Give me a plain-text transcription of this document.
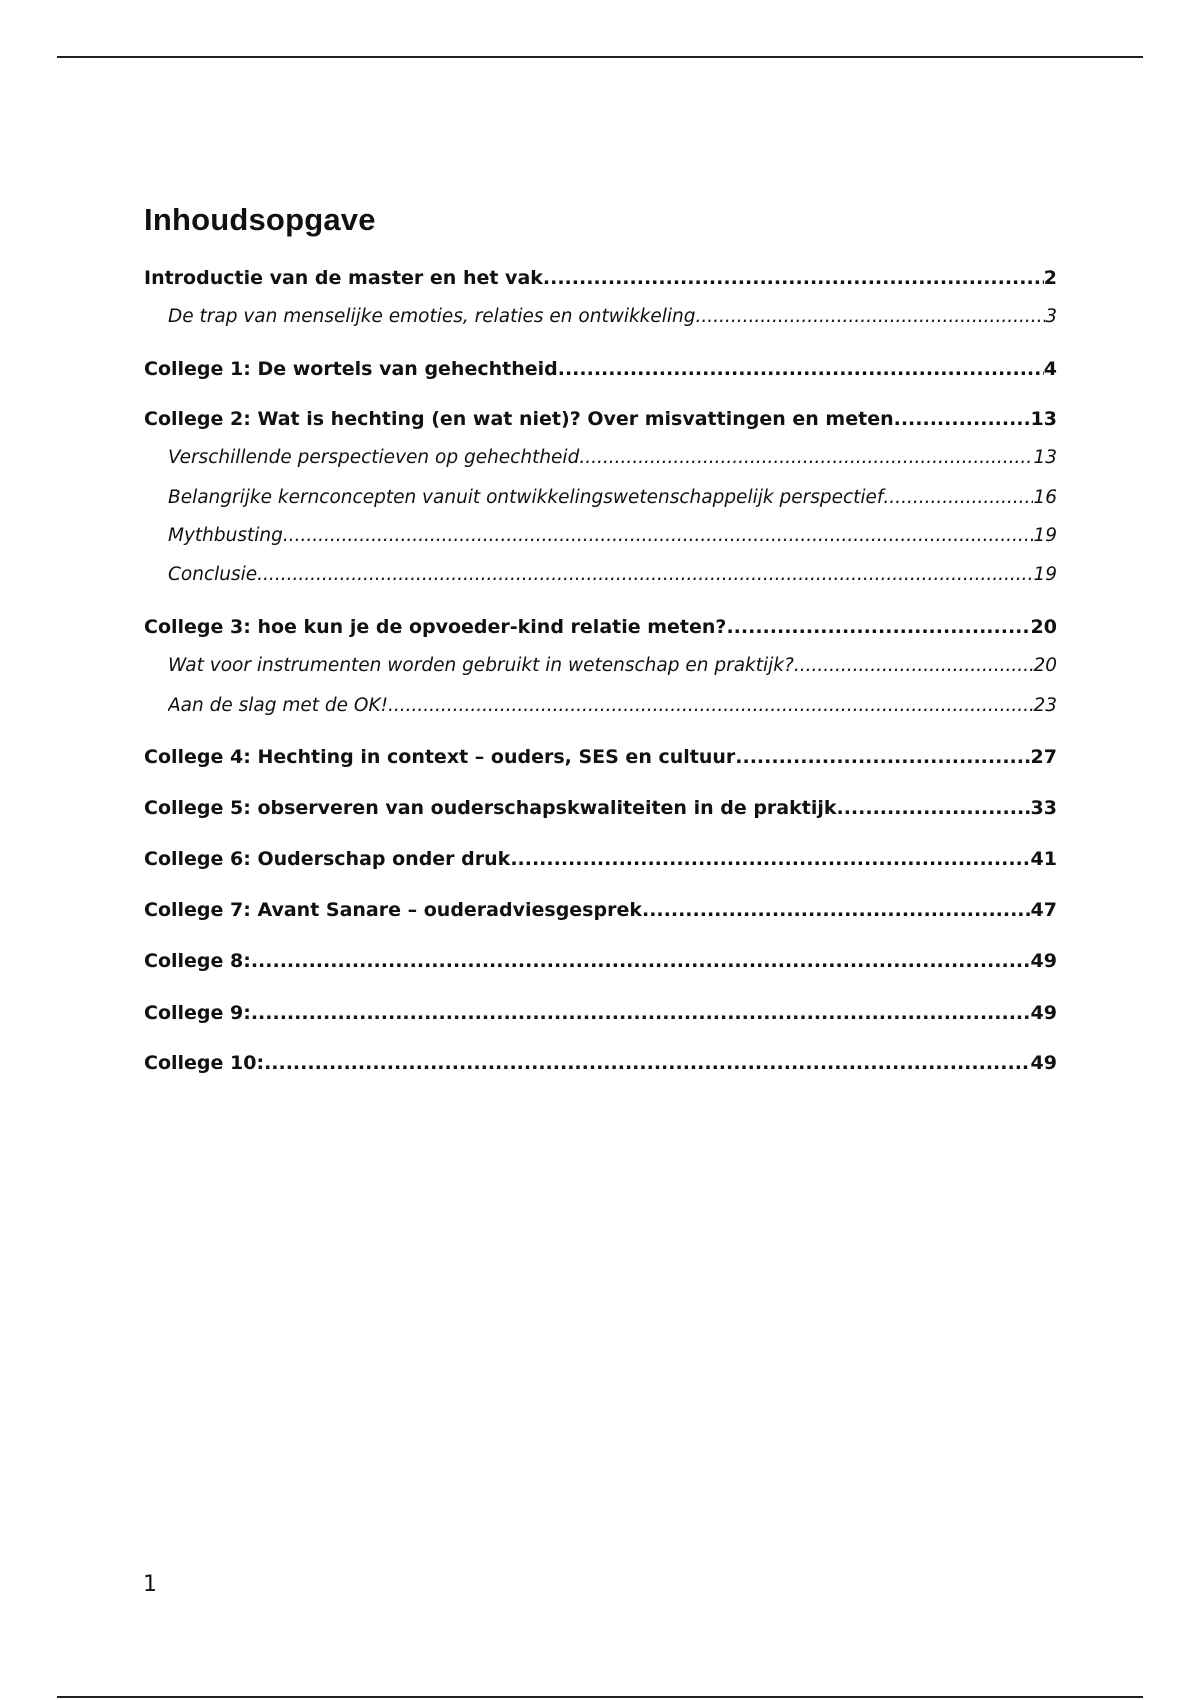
Inhoudsopgave
Introductie van de master en het vak .....	2
De trap van menselijke emoties, relaties en ontwikkeling .....	3
College 1: De wortels van gehechtheid .....	4
College 2: Wat is hechting (en wat niet)? Over misvattingen en meten .....	13
Verschillende perspectieven op gehechtheid .....	13
Belangrijke kernconcepten vanuit ontwikkelingswetenschappelijk perspectief .....	16
Mythbusting .....	19
Conclusie .....	19
College 3: hoe kun je de opvoeder-kind relatie meten? .....	20
Wat voor instrumenten worden gebruikt in wetenschap en praktijk? .....	20
Aan de slag met de OK! .....	23
College 4: Hechting in context – ouders, SES en cultuur .....	27
College 5: observeren van ouderschapskwaliteiten in de praktijk .....	33
College 6: Ouderschap onder druk .....	41
College 7: Avant Sanare – ouderadviesgesprek .....	47
College 8: .....	49
College 9: .....	49
College 10: .....	49
1
